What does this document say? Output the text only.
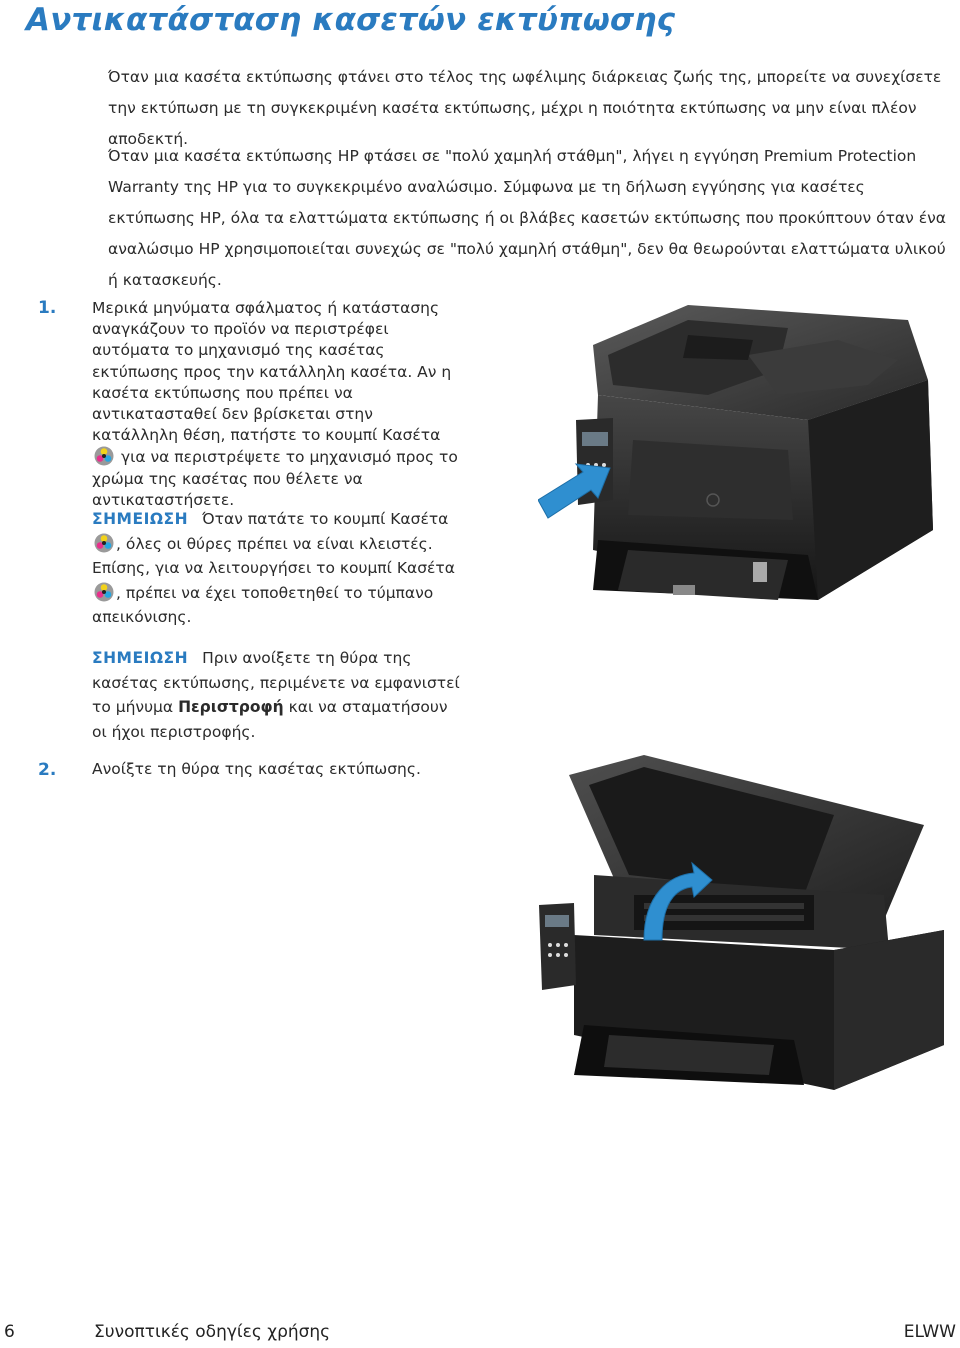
Αντικατάσταση κασετών εκτύπωσης
Όταν μια κασέτα εκτύπωσης φτάνει στο τέλος της ωφέλιμης διάρκειας ζωής της, μπορείτε να συνεχίσετε την εκτύπωση με τη συγκεκριμένη κασέτα εκτύπωσης, μέχρι η ποιότητα εκτύπωσης να μην είναι πλέον αποδεκτή.
Όταν μια κασέτα εκτύπωσης HP φτάσει σε "πολύ χαμηλή στάθμη", λήγει η εγγύηση Premium Protection Warranty της HP για το συγκεκριμένο αναλώσιμο. Σύμφωνα με τη δήλωση εγγύησης για κασέτες εκτύπωσης HP, όλα τα ελαττώματα εκτύπωσης ή οι βλάβες κασετών εκτύπωσης που προκύπτουν όταν ένα αναλώσιμο HP χρησιμοποιείται συνεχώς σε "πολύ χαμηλή στάθμη", δεν θα θεωρούνται ελαττώματα υλικού ή κατασκευής.
1. Μερικά μηνύματα σφάλματος ή κατάστασης αναγκάζουν το προϊόν να περιστρέφει αυτόματα το μηχανισμό της κασέτας εκτύπωσης προς την κατάλληλη κασέτα. Αν η κασέτα εκτύπωσης που πρέπει να αντικατασταθεί δεν βρίσκεται στην κατάλληλη θέση, πατήστε το κουμπί Κασέτα  για να περιστρέψετε το μηχανισμό προς το χρώμα της κασέτας που θέλετε να αντικαταστήσετε.
ΣΗΜΕΙΩΣΗ Όταν πατάτε το κουμπί Κασέτα , όλες οι θύρες πρέπει να είναι κλειστές. Επίσης, για να λειτουργήσει το κουμπί Κασέτα , πρέπει να έχει τοποθετηθεί το τύμπανο απεικόνισης.
ΣΗΜΕΙΩΣΗ Πριν ανοίξετε τη θύρα της κασέτας εκτύπωσης, περιμένετε να εμφανιστεί το μήνυμα Περιστροφή και να σταματήσουν οι ήχοι περιστροφής.
2. Ανοίξτε τη θύρα της κασέτας εκτύπωσης.
6	Συνοπτικές οδηγίες χρήσης	ELWW
